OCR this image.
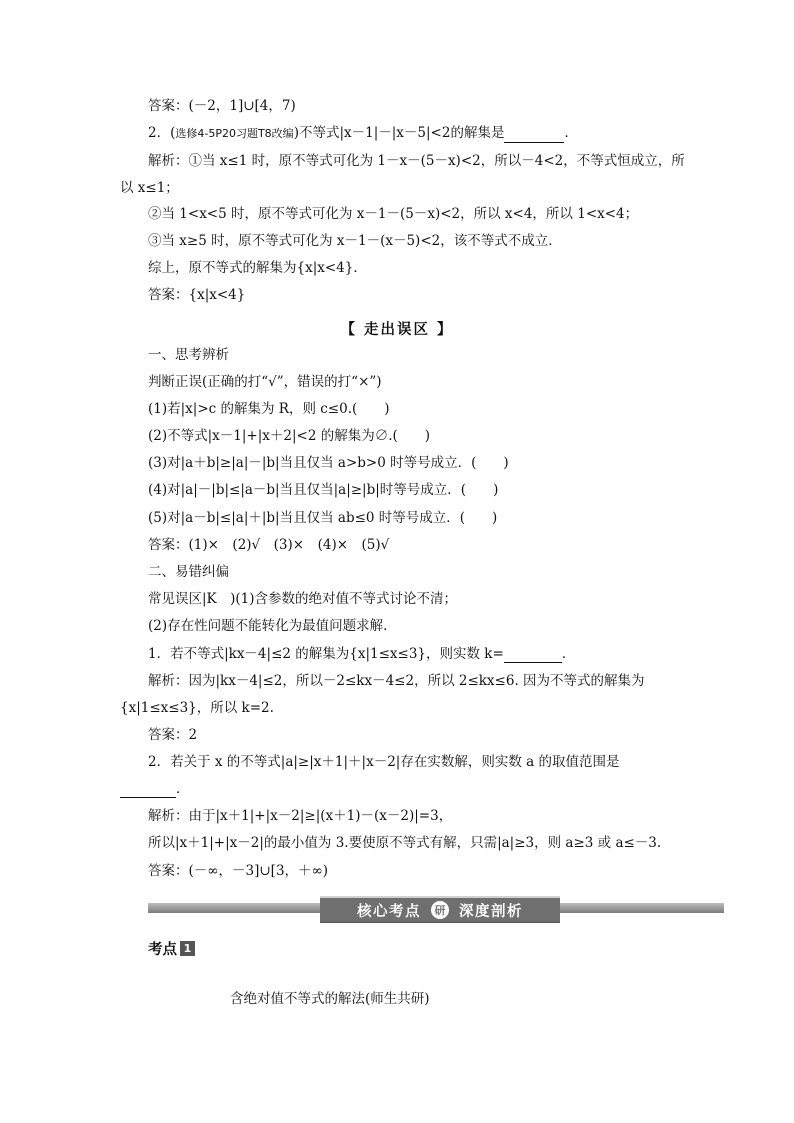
答案：(－2，1]∪[4，7)
2．(选修4-5P20习题T8改编)不等式|x－1|－|x－5|<2的解集是	．
解析：①当 x≤1 时，原不等式可化为 1－x－(5－x)<2，所以－4<2，不等式恒成立，所
以 x≤1；
②当 1<x<5 时，原不等式可化为 x－1－(5－x)<2，所以 x<4，所以 1<x<4；
③当 x≥5 时，原不等式可化为 x－1－(x－5)<2，该不等式不成立．
综上，原不等式的解集为{x|x<4}．
答案：{x|x<4}
【 走出误区 】
一、思考辨析
判断正误(正确的打“√”，错误的打“×”)
(1)若|x|>c 的解集为 R，则 c≤0.(　　)
(2)不等式|x－1|+|x＋2|<2 的解集为∅.(　　)
(3)对|a＋b|≥|a|－|b|当且仅当 a>b>0 时等号成立．(　　)
(4)对|a|－|b|≤|a－b|当且仅当|a|≥|b|时等号成立．(　　)
(5)对|a－b|≤|a|＋|b|当且仅当 ab≤0 时等号成立．(　　)
答案：(1)×　(2)√　(3)×　(4)×　(5)√
二、易错纠偏
常见误区|K　)(1)含参数的绝对值不等式讨论不清；
(2)存在性问题不能转化为最值问题求解．
1．若不等式|kx－4|≤2 的解集为{x|1≤x≤3}，则实数 k=	．
解析：因为|kx－4|≤2，所以－2≤kx－4≤2，所以 2≤kx≤6. 因为不等式的解集为
{x|1≤x≤3}，所以 k=2.
答案：2
2．若关于 x 的不等式|a|≥|x＋1|＋|x－2|存在实数解，则实数 a 的取值范围是
．
解析：由于|x＋1|+|x－2|≥|(x＋1)－(x－2)|=3，
所以|x＋1|+|x－2|的最小值为 3.要使原不等式有解，只需|a|≥3，则 a≥3 或 a≤－3.
答案：(－∞，－3]∪[3，＋∞)
核心考点	研 深度剖析
考点 1
含绝对值不等式的解法(师生共研)
